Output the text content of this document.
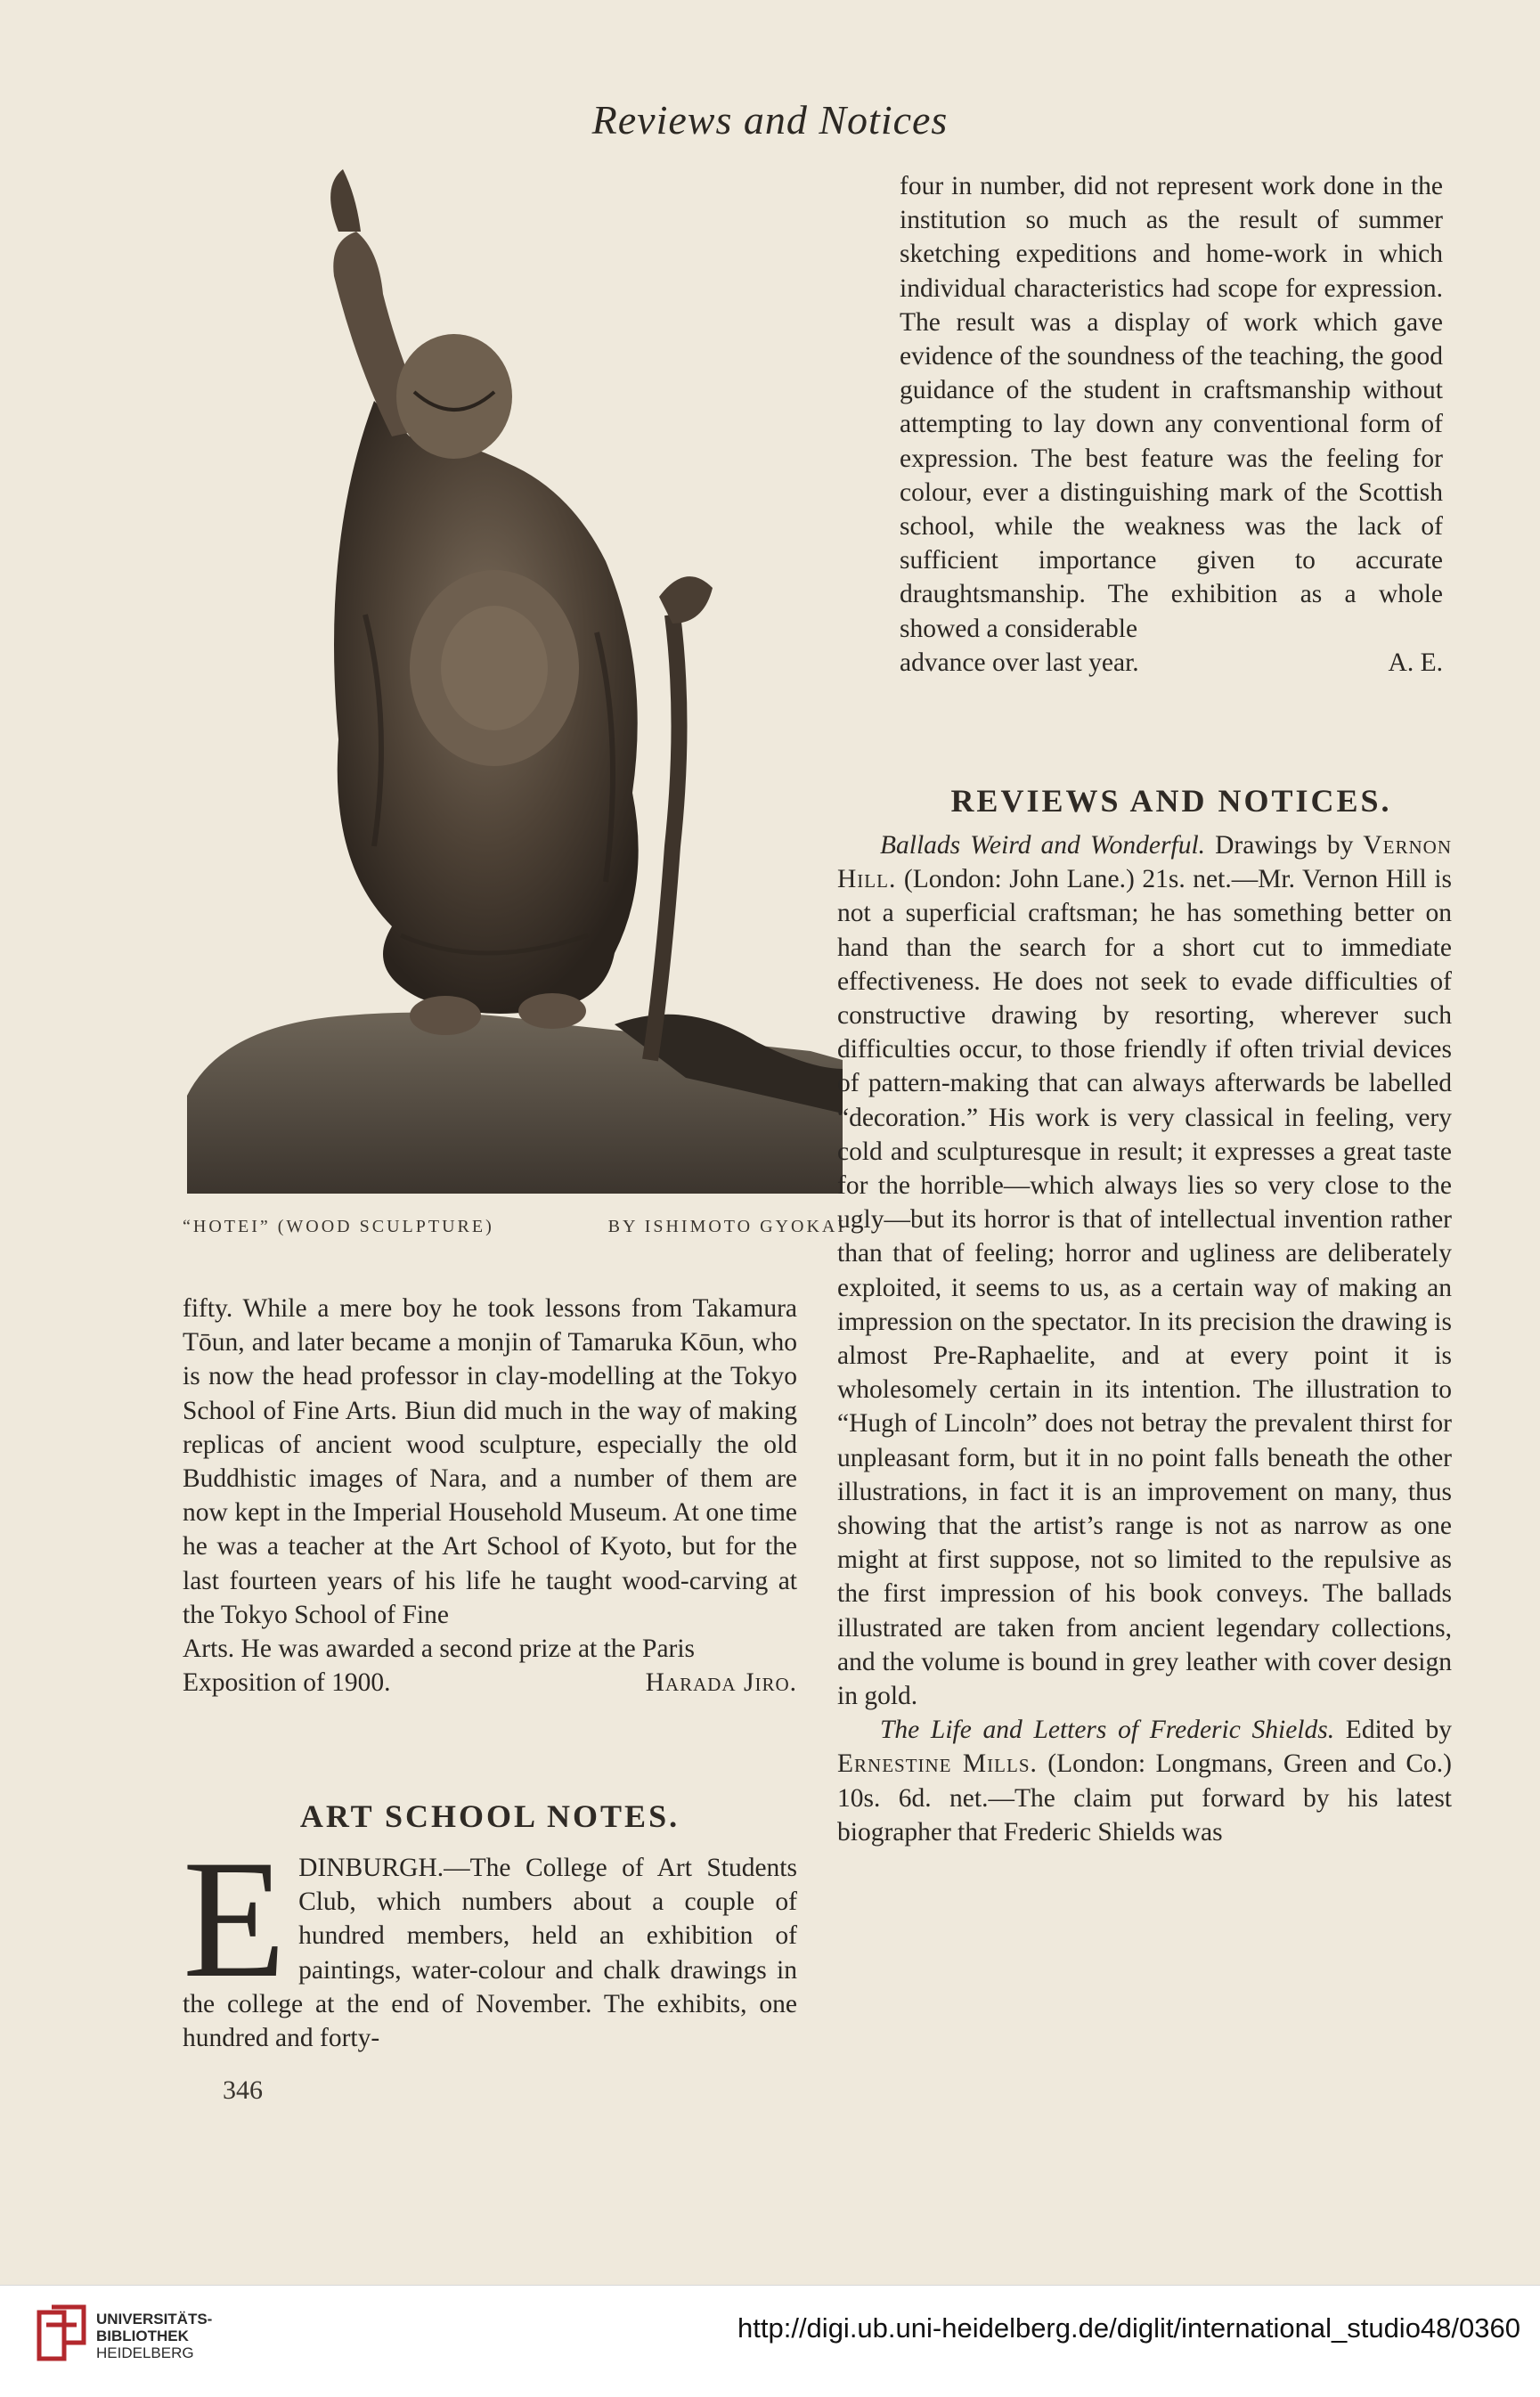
Reviews and Notices
“HOTEI” (WOOD SCULPTURE)	BY ISHIMOTO GYOKAI

four in number, did not represent work done in the institution so much as the result of summer sketching expeditions and home-work in which individual characteristics had scope for expression. The result was a display of work which gave evidence of the soundness of the teaching, the good guidance of the student in craftsmanship without attempting to lay down any conventional form of expression. The best feature was the feeling for colour, ever a distinguishing mark of the Scottish school, while the weakness was the lack of sufficient importance given to accurate draughtsmanship. The exhibition as a whole showed a considerable

advance over last year.	A. E.
REVIEWS AND NOTICES.

Ballads Weird and Wonderful. Drawings by Vernon Hill. (London: John Lane.) 21s. net.—Mr. Vernon Hill is not a superficial craftsman; he has something better on hand than the search for a short cut to immediate effectiveness. He does not seek to evade difficulties of constructive drawing by resorting, wherever such difficulties occur, to those friendly if often trivial devices of pattern-making that can always afterwards be labelled “decoration.” His work is very classical in feeling, very cold and sculpturesque in result; it expresses a great taste for the horrible—which always lies so very close to the ugly—but its horror is that of intellectual invention rather than that of feeling; horror and ugliness are deliberately exploited, it seems to us, as a certain way of making an impression on the spectator. In its precision the drawing is almost Pre-Raphaelite, and at every point it is wholesomely certain in its intention. The illustration to “Hugh of Lincoln” does not betray the prevalent thirst for unpleasant form, but it in no point falls beneath the other illustrations, in fact it is an improvement on many, thus showing that the artist’s range is not as narrow as one might at first suppose, not so limited to the repulsive as the first impression of his book conveys. The ballads illustrated are taken from ancient legendary collections, and the volume is bound in grey leather with cover design in gold.

The Life and Letters of Frederic Shields. Edited by Ernestine Mills. (London: Longmans, Green and Co.) 10s. 6d. net.—The claim put forward by his latest biographer that Frederic Shields was

fifty. While a mere boy he took lessons from Takamura Tōun, and later became a monjin of Tamaruka Kōun, who is now the head professor in clay-modelling at the Tokyo School of Fine Arts. Biun did much in the way of making replicas of ancient wood sculpture, especially the old Buddhistic images of Nara, and a number of them are now kept in the Imperial Household Museum. At one time he was a teacher at the Art School of Kyoto, but for the last fourteen years of his life he taught wood-carving at the Tokyo School of Fine

Arts. He was awarded a second prize at the Paris

Exposition of 1900.	Harada Jiro.
ART SCHOOL NOTES.
E DINBURGH.—The College of Art Students Club, which numbers about a couple of hundred members, held an exhibition of paintings, water-colour and chalk drawings in the college at the end of November. The exhibits, one hundred and forty-
346
UNIVERSITÄTS-
BIBLIOTHEK
HEIDELBERG
http://digi.ub.uni-heidelberg.de/diglit/international_studio48/0360
